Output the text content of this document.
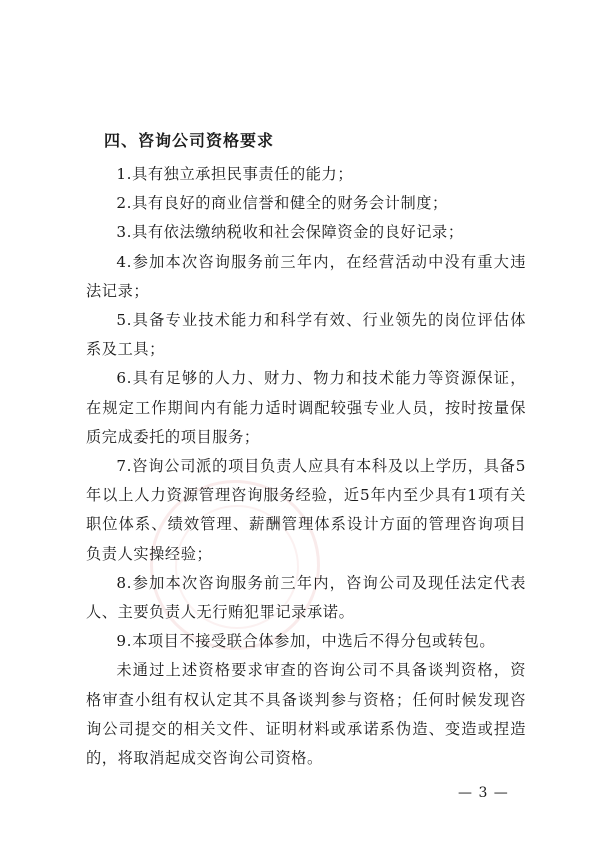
四、咨询公司资格要求

1.具有独立承担民事责任的能力；

2.具有良好的商业信誉和健全的财务会计制度；

3.具有依法缴纳税收和社会保障资金的良好记录；

4.参加本次咨询服务前三年内，在经营活动中没有重大违法记录；

5.具备专业技术能力和科学有效、行业领先的岗位评估体系及工具；

6.具有足够的人力、财力、物力和技术能力等资源保证，在规定工作期间内有能力适时调配较强专业人员，按时按量保质完成委托的项目服务；

7.咨询公司派的项目负责人应具有本科及以上学历，具备5年以上人力资源管理咨询服务经验，近5年内至少具有1项有关职位体系、绩效管理、薪酬管理体系设计方面的管理咨询项目负责人实操经验；

8.参加本次咨询服务前三年内，咨询公司及现任法定代表人、主要负责人无行贿犯罪记录承诺。

9.本项目不接受联合体参加，中选后不得分包或转包。

未通过上述资格要求审查的咨询公司不具备谈判资格，资格审查小组有权认定其不具备谈判参与资格；任何时候发现咨询公司提交的相关文件、证明材料或承诺系伪造、变造或捏造的，将取消起成交咨询公司资格。

— 3 —
